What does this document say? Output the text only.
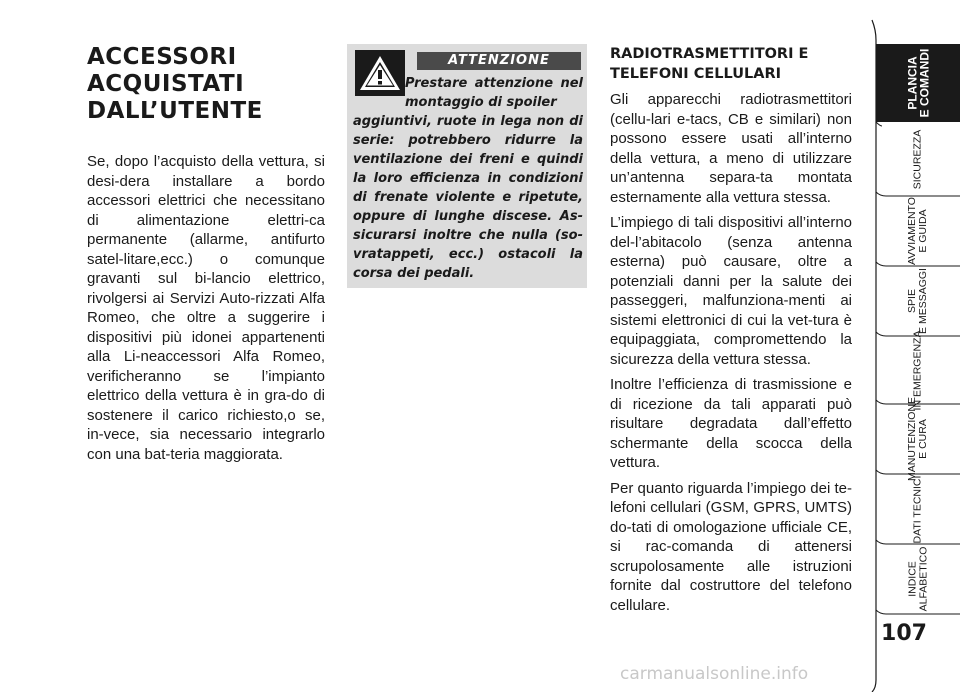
ACCESSORI
ACQUISTATI
DALL’UTENTE

Se, dopo l’acquisto della vettura, si desi-dera installare a bordo accessori elettrici che necessitano di alimentazione elettri-ca permanente (allarme, antifurto satel-litare,ecc.) o comunque gravanti sul bi-lancio elettrico, rivolgersi ai Servizi Auto-rizzati Alfa Romeo, che oltre a suggerire i dispositivi più idonei appartenenti alla Li-neaccessori Alfa Romeo, verificheranno se l’impianto elettrico della vettura è in gra-do di sostenere il carico richiesto,o se, in-vece, sia necessario integrarlo con una bat-teria maggiorata.

ATTENZIONE

Prestare attenzione nel montaggio di spoiler
aggiuntivi, ruote in lega non di serie: potrebbero ridurre la ventilazione dei freni e quindi la loro efficienza in condizioni di frenate violente e ripetute, oppure di lunghe discese. As-sicurarsi inoltre che nulla (so-vratappeti, ecc.) ostacoli la corsa dei pedali.

RADIOTRASMETTITORI E
TELEFONI CELLULARI

Gli apparecchi radiotrasmettitori (cellu-lari e-tacs, CB e similari) non possono essere usati all’interno della vettura, a meno di utilizzare un’antenna separa-ta montata esternamente alla vettura stessa.

L’impiego di tali dispositivi all’interno del-l’abitacolo (senza antenna esterna) può causare, oltre a potenziali danni per la salute dei passeggeri, malfunziona-menti ai sistemi elettronici di cui la vet-tura è equipaggiata, compromettendo la sicurezza della vettura stessa.

Inoltre l’efficienza di trasmissione e di ricezione da tali apparati può risultare degradata dall’effetto schermante della scocca della vettura.

Per quanto riguarda l’impiego dei te-lefoni cellulari (GSM, GPRS, UMTS) do-tati di omologazione ufficiale CE, si rac-comanda di attenersi scrupolosamente alle istruzioni fornite dal costruttore del telefono cellulare.

PLANCIA
E COMANDI
SICUREZZA
AVVIAMENTO
E GUIDA
SPIE
E MESSAGGI
IN EMERGENZA
MANUTENZIONE
E CURA
DATI TECNICI
INDICE
ALFABETICO
107
carmanualsonline.info
